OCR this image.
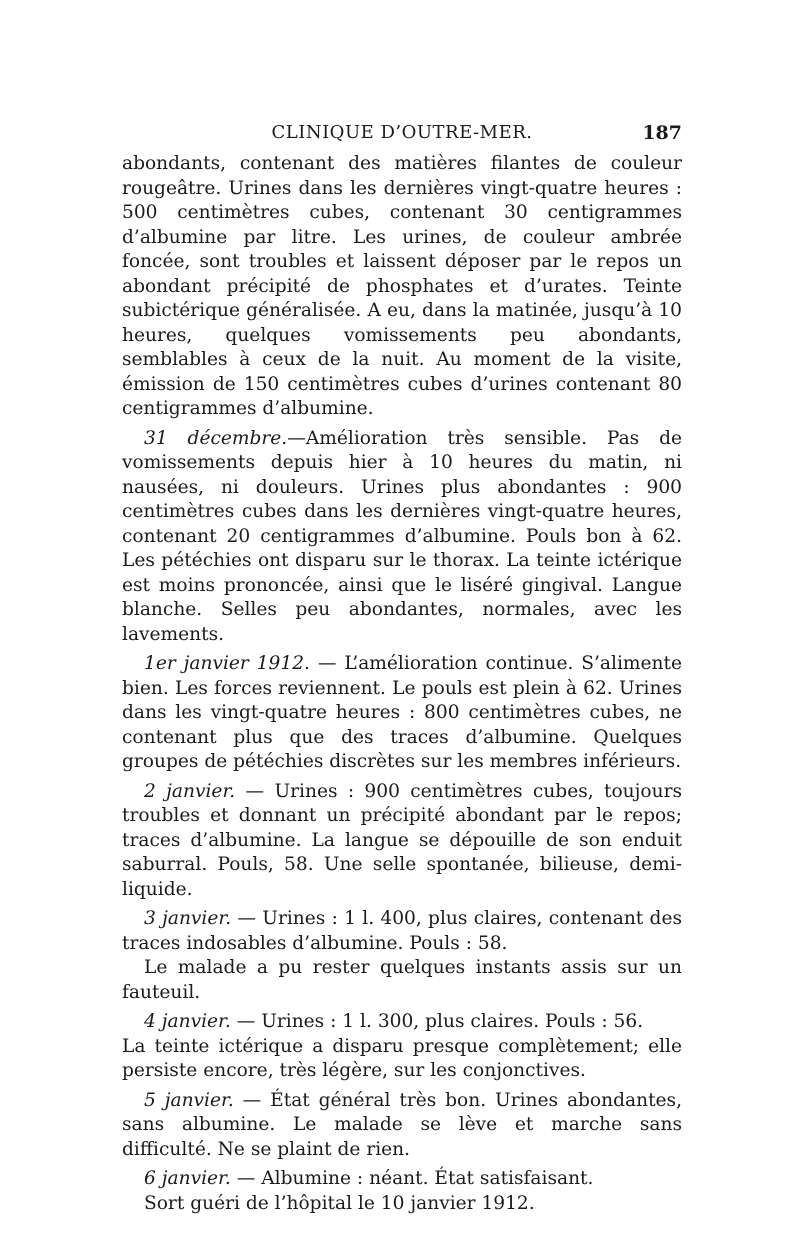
CLINIQUE D’OUTRE-MER.	187

abondants, contenant des matières filantes de couleur rougeâtre. Urines dans les dernières vingt-quatre heures : 500 centimètres cubes, contenant 30 centigrammes d’albumine par litre. Les urines, de couleur ambrée foncée, sont troubles et laissent déposer par le repos un abondant précipité de phosphates et d’urates. Teinte subictérique généralisée. A eu, dans la matinée, jusqu’à 10 heures, quelques vomissements peu abondants, semblables à ceux de la nuit. Au moment de la visite, émission de 150 centimètres cubes d’urines contenant 80 centigrammes d’albumine.

31 décembre.—Amélioration très sensible. Pas de vomissements depuis hier à 10 heures du matin, ni nausées, ni douleurs. Urines plus abondantes : 900 centimètres cubes dans les dernières vingt-quatre heures, contenant 20 centigrammes d’albumine. Pouls bon à 62. Les pétéchies ont disparu sur le thorax. La teinte ictérique est moins prononcée, ainsi que le liséré gingival. Langue blanche. Selles peu abondantes, normales, avec les lavements.

1er janvier 1912. — L’amélioration continue. S’alimente bien. Les forces reviennent. Le pouls est plein à 62. Urines dans les vingt-quatre heures : 800 centimètres cubes, ne contenant plus que des traces d’albumine. Quelques groupes de pétéchies discrètes sur les membres inférieurs.

2 janvier. — Urines : 900 centimètres cubes, toujours troubles et donnant un précipité abondant par le repos; traces d’albumine. La langue se dépouille de son enduit saburral. Pouls, 58. Une selle spontanée, bilieuse, demi-liquide.

3 janvier. — Urines : 1 l. 400, plus claires, contenant des traces indosables d’albumine. Pouls : 58.

Le malade a pu rester quelques instants assis sur un fauteuil.

4 janvier. — Urines : 1 l. 300, plus claires. Pouls : 56.

La teinte ictérique a disparu presque complètement; elle persiste encore, très légère, sur les conjonctives.

5 janvier. — État général très bon. Urines abondantes, sans albumine. Le malade se lève et marche sans difficulté. Ne se plaint de rien.

6 janvier. — Albumine : néant. État satisfaisant.

Sort guéri de l’hôpital le 10 janvier 1912.
